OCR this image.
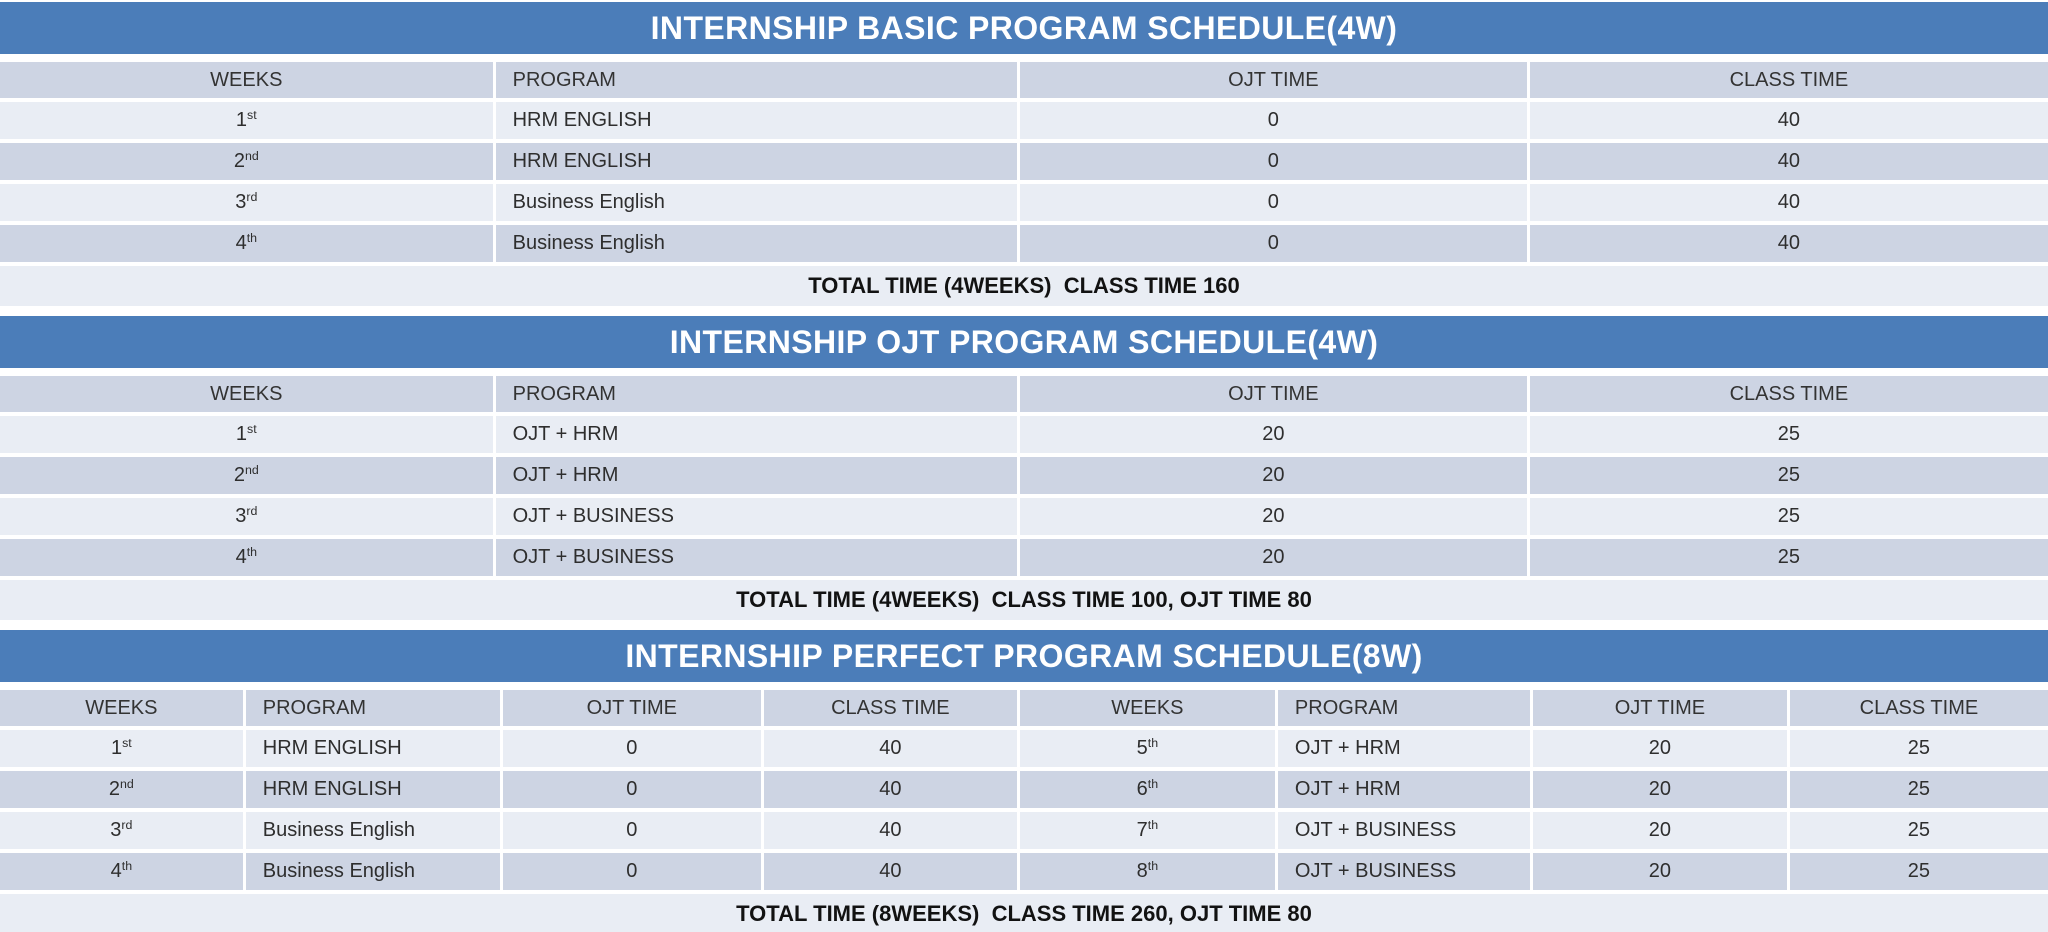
INTERNSHIP BASIC PROGRAM SCHEDULE(4W)
WEEKS	PROGRAM	OJT TIME	CLASS TIME
1st	HRM ENGLISH	0	40
2nd	HRM ENGLISH	0	40
3rd	Business English	0	40
4th	Business English	0	40
TOTAL TIME (4WEEKS)  CLASS TIME 160
INTERNSHIP OJT PROGRAM SCHEDULE(4W)
WEEKS	PROGRAM	OJT TIME	CLASS TIME
1st	OJT + HRM	20	25
2nd	OJT + HRM	20	25
3rd	OJT + BUSINESS	20	25
4th	OJT + BUSINESS	20	25
TOTAL TIME (4WEEKS)  CLASS TIME 100, OJT TIME 80
INTERNSHIP PERFECT PROGRAM SCHEDULE(8W)
WEEKS	PROGRAM	OJT TIME	CLASS TIME	WEEKS	PROGRAM	OJT TIME	CLASS TIME
1st	HRM ENGLISH	0	40	5th	OJT + HRM	20	25
2nd	HRM ENGLISH	0	40	6th	OJT + HRM	20	25
3rd	Business English	0	40	7th	OJT + BUSINESS	20	25
4th	Business English	0	40	8th	OJT + BUSINESS	20	25
TOTAL TIME (8WEEKS)  CLASS TIME 260, OJT TIME 80
